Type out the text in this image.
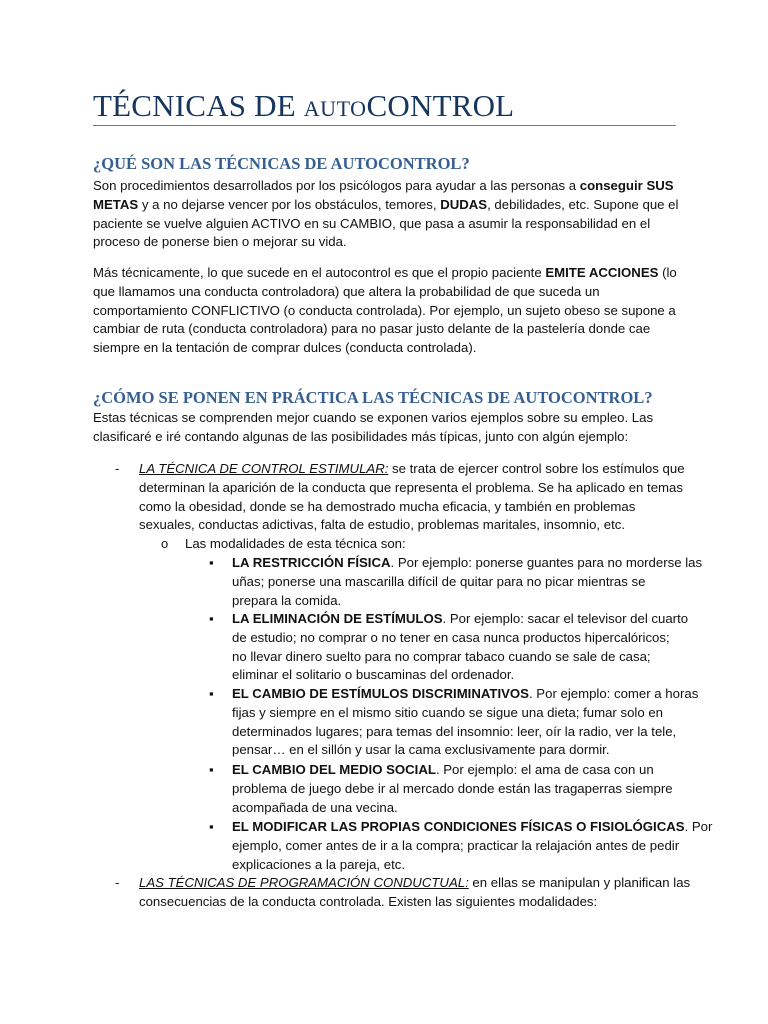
TÉCNICAS DE AUTOCONTROL
¿QUÉ SON LAS TÉCNICAS DE AUTOCONTROL?
Son procedimientos desarrollados por los psicólogos para ayudar a las personas a conseguir SUS
METAS y a no dejarse vencer por los obstáculos, temores, DUDAS, debilidades, etc. Supone que el
paciente se vuelve alguien ACTIVO en su CAMBIO, que pasa a asumir la responsabilidad en el
proceso de ponerse bien o mejorar su vida.
Más técnicamente, lo que sucede en el autocontrol es que el propio paciente EMITE ACCIONES (lo
que llamamos una conducta controladora) que altera la probabilidad de que suceda un
comportamiento CONFLICTIVO (o conducta controlada). Por ejemplo, un sujeto obeso se supone a
cambiar de ruta (conducta controladora) para no pasar justo delante de la pastelería donde cae
siempre en la tentación de comprar dulces (conducta controlada).
¿CÓMO SE PONEN EN PRÁCTICA LAS TÉCNICAS DE AUTOCONTROL?
Estas técnicas se comprenden mejor cuando se exponen varios ejemplos sobre su empleo. Las
clasificaré e iré contando algunas de las posibilidades más típicas, junto con algún ejemplo:
- LA TÉCNICA DE CONTROL ESTIMULAR: se trata de ejercer control sobre los estímulos que
determinan la aparición de la conducta que representa el problema. Se ha aplicado en temas
como la obesidad, donde se ha demostrado mucha eficacia, y también en problemas
sexuales, conductas adictivas, falta de estudio, problemas maritales, insomnio, etc.
o Las modalidades de esta técnica son:
▪ LA RESTRICCIÓN FÍSICA. Por ejemplo: ponerse guantes para no morderse las
uñas; ponerse una mascarilla difícil de quitar para no picar mientras se
prepara la comida.
▪ LA ELIMINACIÓN DE ESTÍMULOS. Por ejemplo: sacar el televisor del cuarto
de estudio; no comprar o no tener en casa nunca productos hipercalóricos;
no llevar dinero suelto para no comprar tabaco cuando se sale de casa;
eliminar el solitario o buscaminas del ordenador.
▪ EL CAMBIO DE ESTÍMULOS DISCRIMINATIVOS. Por ejemplo: comer a horas
fijas y siempre en el mismo sitio cuando se sigue una dieta; fumar solo en
determinados lugares; para temas del insomnio: leer, oír la radio, ver la tele,
pensar… en el sillón y usar la cama exclusivamente para dormir.
▪ EL CAMBIO DEL MEDIO SOCIAL. Por ejemplo: el ama de casa con un
problema de juego debe ir al mercado donde están las tragaperras siempre
acompañada de una vecina.
▪ EL MODIFICAR LAS PROPIAS CONDICIONES FÍSICAS O FISIOLÓGICAS. Por
ejemplo, comer antes de ir a la compra; practicar la relajación antes de pedir
explicaciones a la pareja, etc.
- LAS TÉCNICAS DE PROGRAMACIÓN CONDUCTUAL: en ellas se manipulan y planifican las
consecuencias de la conducta controlada. Existen las siguientes modalidades:
